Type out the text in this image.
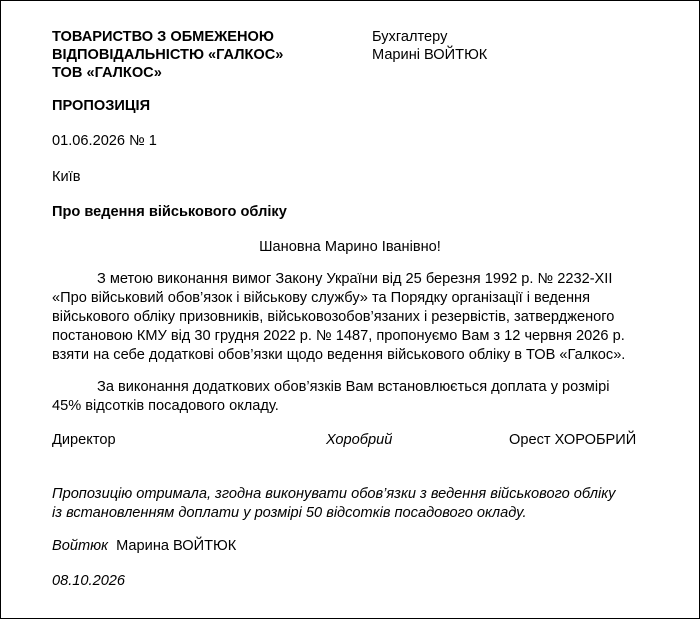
ТОВАРИСТВО З ОБМЕЖЕНОЮ
ВІДПОВІДАЛЬНІСТЮ «ГАЛКОС»
ТОВ «ГАЛКОС»
Бухгалтеру
Марині ВОЙТЮК
ПРОПОЗИЦІЯ
01.06.2026 № 1
Київ
Про ведення військового обліку
Шановна Марино Іванівно!
З метою виконання вимог Закону України від 25 березня 1992 р. № 2232-XII
«Про військовий обов’язок і військову службу» та Порядку організації і ведення
військового обліку призовників, військовозобов’язаних і резервістів, затвердженого
постановою КМУ від 30 грудня 2022 р. № 1487, пропонуємо Вам з 12 червня 2026 р.
взяти на себе додаткові обов’язки щодо ведення військового обліку в ТОВ «Галкос».
За виконання додаткових обов’язків Вам встановлюється доплата у розмірі
45% відсотків посадового окладу.
Директор	Хоробрий	Орест ХОРОБРИЙ
Пропозицію отримала, згодна виконувати обов’язки з ведення військового обліку
із встановленням доплати у розмірі 50 відсотків посадового окладу.
Войтюк Марина ВОЙТЮК
08.10.2026
